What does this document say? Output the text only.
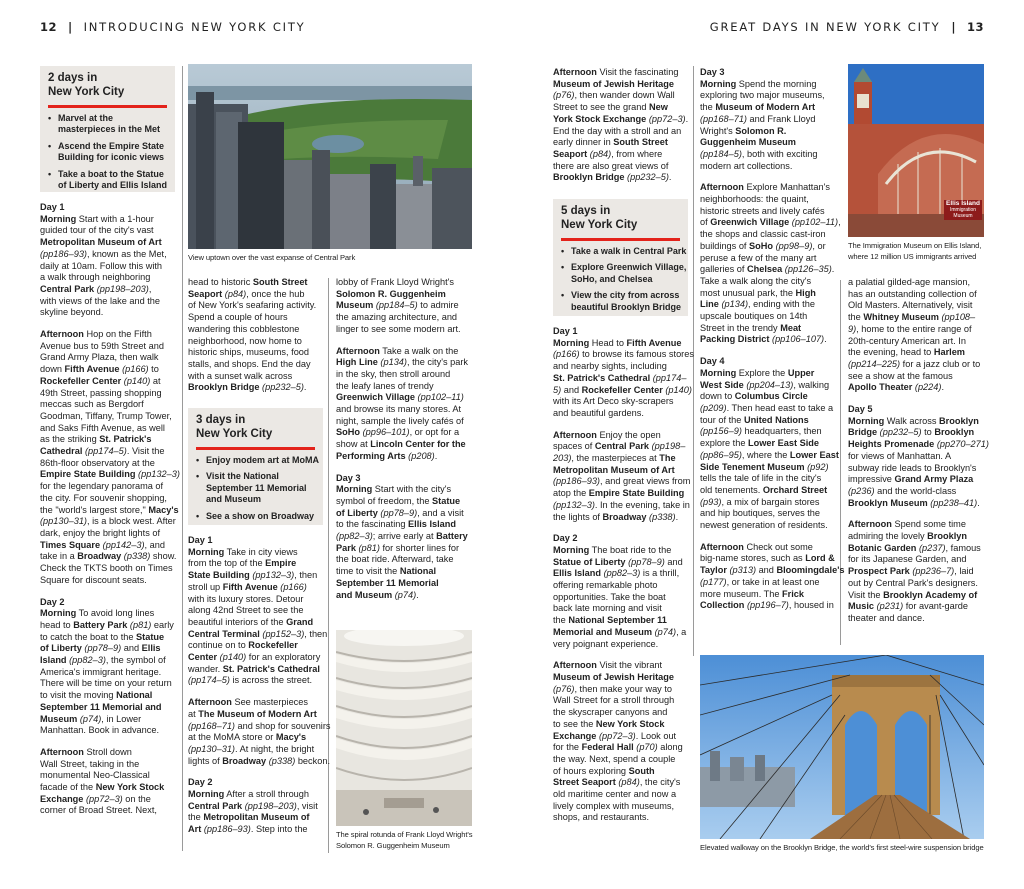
12 | INTRODUCING NEW YORK CITY	GREAT DAYS IN NEW YORK CITY | 13
2 days in
New York City
• Marvel at the
masterpieces in the Met
• Ascend the Empire State
Building for iconic views
• Take a boat to the Statue
of Liberty and Ellis Island
View uptown over the vast expanse of Central Park

Day 1
Morning Start with a 1-hour
guided tour of the city's vast
Metropolitan Museum of Art
(pp186–93), known as the Met,
daily at 10am. Follow this with
a walk through neighboring
Central Park (pp198–203),
with views of the lake and the
skyline beyond.

Afternoon Hop on the Fifth
Avenue bus to 59th Street and
Grand Army Plaza, then walk
down Fifth Avenue (p166) to
Rockefeller Center (p140) at
49th Street, passing shopping
meccas such as Bergdorf
Goodman, Tiffany, Trump Tower,
and Saks Fifth Avenue, as well
as the striking St. Patrick's
Cathedral (pp174–5). Visit the
86th-floor observatory at the
Empire State Building (pp132–3)
for the legendary panorama of
the city. For souvenir shopping,
the "world's largest store," Macy's
(pp130–31), is a block west. After
dark, enjoy the bright lights of
Times Square (pp142–3), and
take in a Broadway (p338) show.
Check the TKTS booth on Times
Square for discount seats.

Day 2
Morning To avoid long lines
head to Battery Park (p81) early
to catch the boat to the Statue
of Liberty (pp78–9) and Ellis
Island (pp82–3), the symbol of
America's immigrant heritage.
There will be time on your return
to visit the moving National
September 11 Memorial and
Museum (p74), in Lower
Manhattan. Book in advance.

Afternoon Stroll down
Wall Street, taking in the
monumental Neo-Classical
facade of the New York Stock
Exchange (pp72–3) on the
corner of Broad Street. Next,

head to historic South Street
Seaport (p84), once the hub
of New York's seafaring activity.
Spend a couple of hours
wandering this cobblestone
neighborhood, now home to
historic ships, museums, food
stalls, and shops. End the day
with a sunset walk across
Brooklyn Bridge (pp232–5).

3 days in
New York City
• Enjoy modem art at MoMA
• Visit the National
September 11 Memorial
and Museum
• See a show on Broadway

Day 1
Morning Take in city views
from the top of the Empire
State Building (pp132–3), then
stroll up Fifth Avenue (p166)
with its luxury stores. Detour
along 42nd Street to see the
beautiful interiors of the Grand
Central Terminal (pp152–3), then
continue on to Rockefeller
Center (p140) for an exploratory
wander. St. Patrick's Cathedral
(pp174–5) is across the street.

Afternoon See masterpieces
at The Museum of Modern Art
(pp168–71) and shop for souvenirs
at the MoMA store or Macy's
(pp130–31). At night, the bright
lights of Broadway (p338) beckon.

Day 2
Morning After a stroll through
Central Park (pp198–203), visit
the Metropolitan Museum of
Art (pp186–93). Step into the

lobby of Frank Lloyd Wright's
Solomon R. Guggenheim
Museum (pp184–5) to admire
the amazing architecture, and
linger to see some modern art.

Afternoon Take a walk on the
High Line (p134), the city's park
in the sky, then stroll around
the leafy lanes of trendy
Greenwich Village (pp102–11)
and browse its many stores. At
night, sample the lively cafés of
SoHo (pp96–101), or opt for a
show at Lincoln Center for the
Performing Arts (p208).

Day 3
Morning Start with the city's
symbol of freedom, the Statue
of Liberty (pp78–9), and a visit
to the fascinating Ellis Island
(pp82–3); arrive early at Battery
Park (p81) for shorter lines for
the boat ride. Afterward, take
time to visit the National
September 11 Memorial
and Museum (p74).

The spiral rotunda of Frank Lloyd Wright's
Solomon R. Guggenheim Museum

Afternoon Visit the fascinating
Museum of Jewish Heritage
(p76), then wander down Wall
Street to see the grand New
York Stock Exchange (pp72–3).
End the day with a stroll and an
early dinner in South Street
Seaport (p84), from where
there are also great views of
Brooklyn Bridge (pp232–5).

5 days in
New York City
• Take a walk in Central Park
• Explore Greenwich Village,
SoHo, and Chelsea
• View the city from across
beautiful Brooklyn Bridge

Day 1
Morning Head to Fifth Avenue
(p166) to browse its famous stores
and nearby sights, including
St. Patrick's Cathedral (pp174–
5) and Rockefeller Center (p140)
with its Art Deco sky-scrapers
and beautiful gardens.

Afternoon Enjoy the open
spaces of Central Park (pp198–
203), the masterpieces at The
Metropolitan Museum of Art
(pp186–93), and great views from
atop the Empire State Building
(pp132–3). In the evening, take in
the lights of Broadway (p338).

Day 2
Morning The boat ride to the
Statue of Liberty (pp78–9) and
Ellis Island (pp82–3) is a thrill,
offering remarkable photo
opportunities. Take the boat
back late morning and visit
the National September 11
Memorial and Museum (p74), a
very poignant experience.

Afternoon Visit the vibrant
Museum of Jewish Heritage
(p76), then make your way to
Wall Street for a stroll through
the skyscraper canyons and
to see the New York Stock
Exchange (pp72–3). Look out
for the Federal Hall (p70) along
the way. Next, spend a couple
of hours exploring South
Street Seaport (p84), the city's
old maritime center and now a
lively complex with museums,
shops, and restaurants.

Day 3
Morning Spend the morning
exploring two major museums,
the Museum of Modern Art
(pp168–71) and Frank Lloyd
Wright's Solomon R.
Guggenheim Museum
(pp184–5), both with exciting
modern art collections.

Afternoon Explore Manhattan's
neighborhoods: the quaint,
historic streets and lively cafés
of Greenwich Village (pp102–11),
the shops and classic cast-iron
buildings of SoHo (pp98–9), or
peruse a few of the many art
galleries of Chelsea (pp126–35).
Take a walk along the city's
most unusual park, the High
Line (p134), ending with the
upscale boutiques on 14th
Street in the trendy Meat
Packing District (pp106–107).

Day 4
Morning Explore the Upper
West Side (pp204–13), walking
down to Columbus Circle
(p209). Then head east to take a
tour of the United Nations
(pp156–9) headquarters, then
explore the Lower East Side
(pp86–95), where the Lower East
Side Tenement Museum (p92)
tells the tale of life in the city's
old tenements. Orchard Street
(p93), a mix of bargain stores
and hip boutiques, serves the
newest generation of residents.

Afternoon Check out some
big-name stores, such as Lord &
Taylor (p313) and Bloomingdale's
(p177), or take in at least one
more museum. The Frick
Collection (pp196–7), housed in

Ellis Island
Immigration Museum
The Immigration Museum on Ellis Island,
where 12 million US immigrants arrived

a palatial gilded-age mansion,
has an outstanding collection of
Old Masters. Alternatively, visit
the Whitney Museum (pp108–
9), home to the entire range of
20th-century American art. In
the evening, head to Harlem
(pp214–225) for a jazz club or to
see a show at the famous
Apollo Theater (p224).

Day 5
Morning Walk across Brooklyn
Bridge (pp232–5) to Brooklyn
Heights Promenade (pp270–271)
for views of Manhattan. A
subway ride leads to Brooklyn's
impressive Grand Army Plaza
(p236) and the world-class
Brooklyn Museum (pp238–41).

Afternoon Spend some time
admiring the lovely Brooklyn
Botanic Garden (p237), famous
for its Japanese Garden, and
Prospect Park (pp236–7), laid
out by Central Park's designers.
Visit the Brooklyn Academy of
Music (p231) for avant-garde
theater and dance.

Elevated walkway on the Brooklyn Bridge, the world's first steel-wire suspension bridge
